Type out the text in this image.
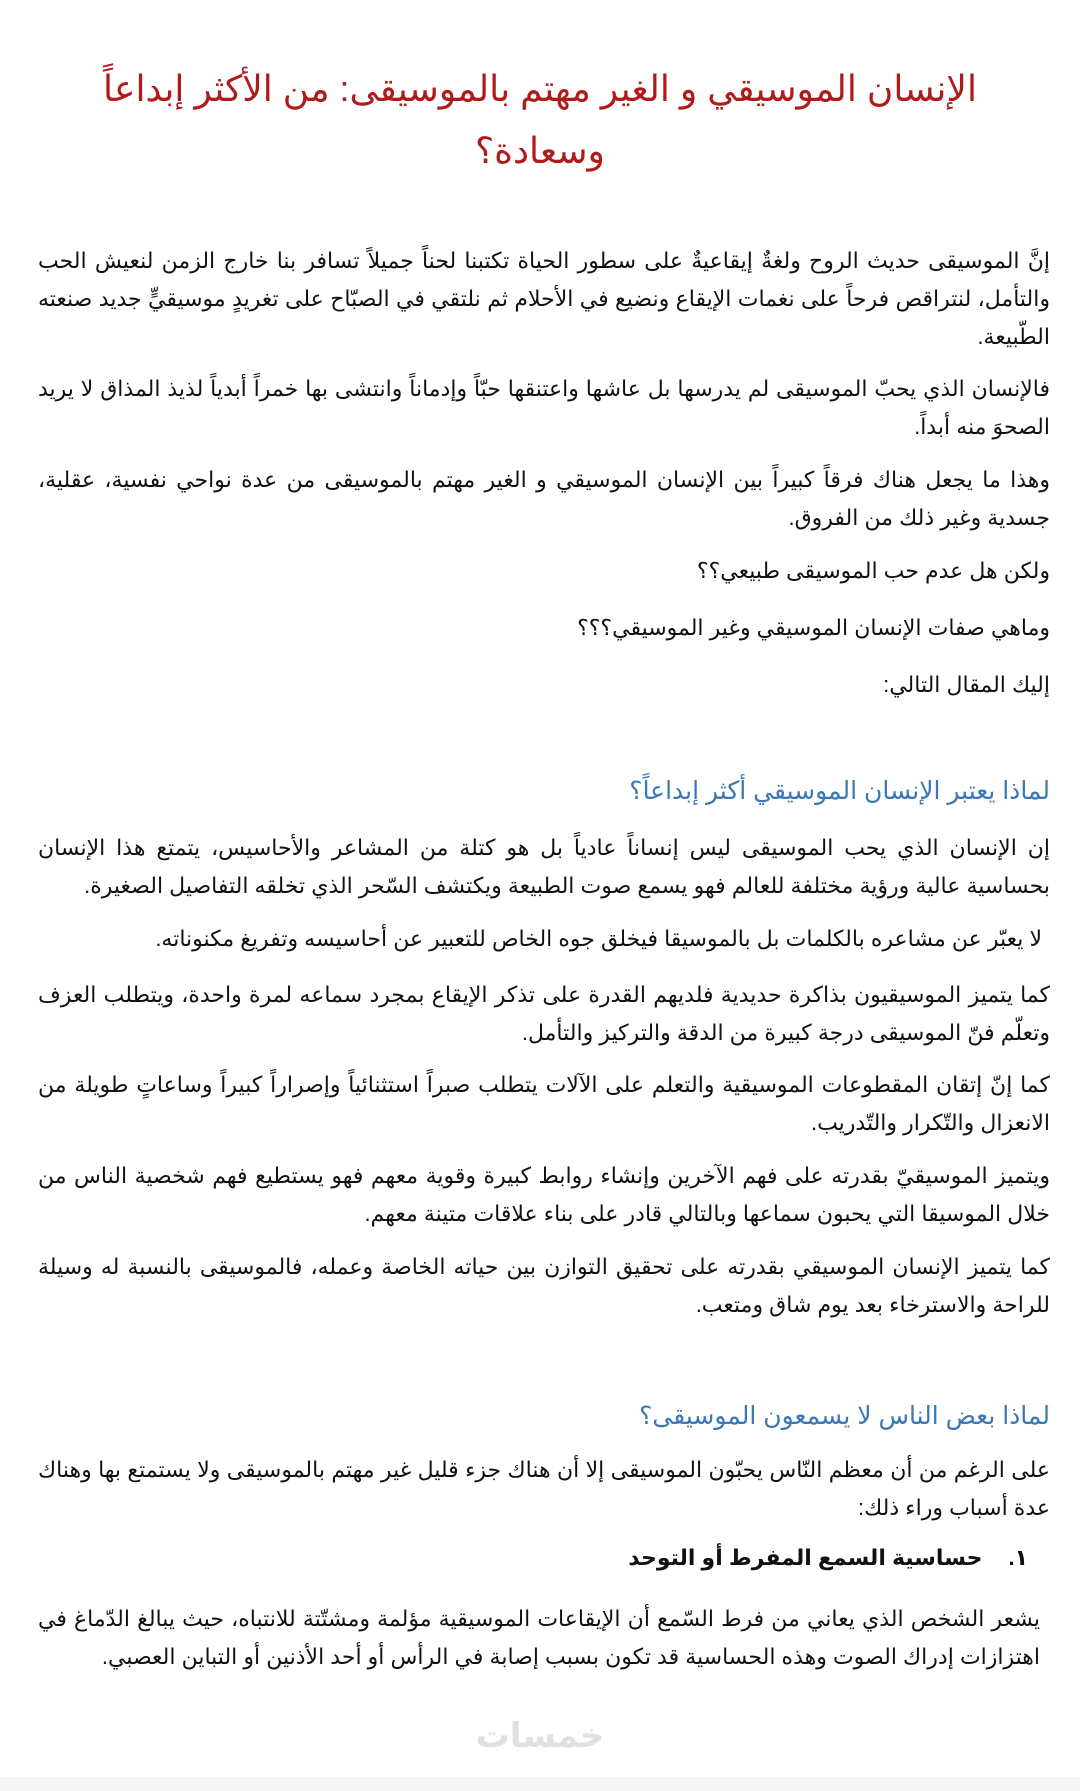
الإنسان الموسيقي و الغير مهتم بالموسيقى: من الأكثر إبداعاً وسعادة؟

إنَّ الموسيقى حديث الروح ولغةٌ إيقاعيةٌ على سطور الحياة تكتبنا لحناً جميلاً تسافر بنا خارج الزمن لنعيش الحب والتأمل، لنتراقص فرحاً على نغمات الإيقاع ونضيع في الأحلام ثم نلتقي في الصبّاح على تغريدٍ موسيقيٍّ جديد صنعته الطّبيعة.

فالإنسان الذي يحبّ الموسيقى لم يدرسها بل عاشها واعتنقها حبّاً وإدماناً وانتشى بها خمراً أبدياً لذيذ المذاق لا يريد الصحوَ منه أبداً.

وهذا ما يجعل هناك فرقاً كبيراً بين الإنسان الموسيقي و الغير مهتم بالموسيقى من عدة نواحي نفسية، عقلية، جسدية وغير ذلك من الفروق.

ولكن هل عدم حب الموسيقى طبيعي؟؟

وماهي صفات الإنسان الموسيقي وغير الموسيقي؟؟؟

إليك المقال التالي:

لماذا يعتبر الإنسان الموسيقي أكثر إبداعاً؟

إن الإنسان الذي يحب الموسيقى ليس إنساناً عادياً بل هو كتلة من المشاعر والأحاسيس، يتمتع هذا الإنسان بحساسية عالية ورؤية مختلفة للعالم فهو يسمع صوت الطبيعة ويكتشف السّحر الذي تخلقه التفاصيل الصغيرة.

لا يعبّر عن مشاعره بالكلمات بل بالموسيقا فيخلق جوه الخاص للتعبير عن أحاسيسه وتفريغ مكنوناته.

كما يتميز الموسيقيون بذاكرة حديدية فلديهم القدرة على تذكر الإيقاع بمجرد سماعه لمرة واحدة، ويتطلب العزف وتعلّم فنّ الموسيقى درجة كبيرة من الدقة والتركيز والتأمل.

كما إنّ إتقان المقطوعات الموسيقية والتعلم على الآلات يتطلب صبراً استثنائياً وإصراراً كبيراً وساعاتٍ طويلة من الانعزال والتّكرار والتّدريب.

ويتميز الموسيقيّ بقدرته على فهم الآخرين وإنشاء روابط كبيرة وقوية معهم فهو يستطيع فهم شخصية الناس من خلال الموسيقا التي يحبون سماعها وبالتالي قادر على بناء علاقات متينة معهم.

كما يتميز الإنسان الموسيقي بقدرته على تحقيق التوازن بين حياته الخاصة وعمله، فالموسيقى بالنسبة له وسيلة للراحة والاسترخاء بعد يوم شاق ومتعب.

لماذا بعض الناس لا يسمعون الموسيقى؟

على الرغم من أن معظم النّاس يحبّون الموسيقى إلا أن هناك جزء قليل غير مهتم بالموسيقى ولا يستمتع بها وهناك عدة أسباب وراء ذلك:

١.حساسية السمع المفرط أو التوحد

يشعر الشخص الذي يعاني من فرط السّمع أن الإيقاعات الموسيقية مؤلمة ومشتّتة للانتباه، حيث يبالغ الدّماغ في اهتزازات إدراك الصوت وهذه الحساسية قد تكون بسبب إصابة في الرأس أو أحد الأذنين أو التباين العصبي.

خمسات
